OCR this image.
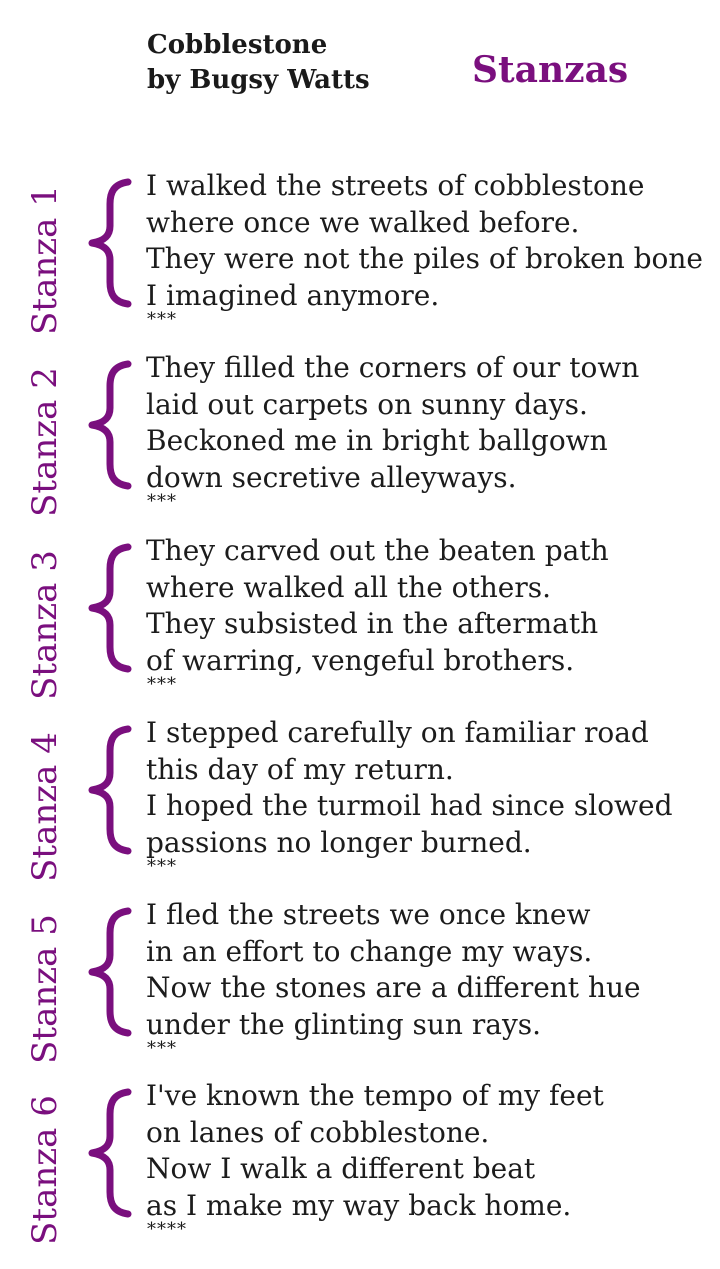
Cobblestone
by Bugsy Watts	Stanzas
Stanza 1	I walked the streets of cobblestone
where once we walked before.
They were not the piles of broken bone
I imagined anymore.
***
Stanza 2	They filled the corners of our town
laid out carpets on sunny days.
Beckoned me in bright ballgown
down secretive alleyways.
***
Stanza 3	They carved out the beaten path
where walked all the others.
They subsisted in the aftermath
of warring, vengeful brothers.
***
Stanza 4	I stepped carefully on familiar road
this day of my return.
I hoped the turmoil had since slowed
passions no longer burned.
***
Stanza 5	I fled the streets we once knew
in an effort to change my ways.
Now the stones are a different hue
under the glinting sun rays.
***
Stanza 6	I've known the tempo of my feet
on lanes of cobblestone.
Now I walk a different beat
as I make my way back home.
****
